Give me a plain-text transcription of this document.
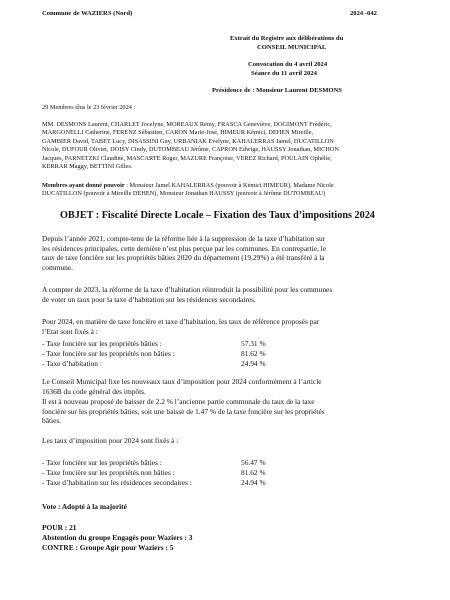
Commune de WAZIERS (Nord)	2024 -042
Extrait du Registre aux délibérations du
CONSEIL MUNICIPAL
Convocation du 4 avril 2024
Séance du 11 avril 2024
Présidence de : Monsieur Laurent DESMONS
29 Membres élus le 23 février 2024 :
MM. DESMONS Laurent, CHARLET Jocelyne, MOREAUX Rémy, FRASCA Geneviève, DOGIMONT Frédéric,
MARGONELLI Catherine, FERENZ Sébastien, CARON Marie-José, HIMEUR Kémici, DEHEN Mireille,
GAMBIER David, TABET Lucy, DISASSINI Guy, URBANIAK Evelyne, KAHALERRAS Jamel, DUCATILLON
Nicole, DUFOUR Olivier, DOISY Cindy, DUTOMBEAU Jérôme, CAPRON Edwige, HAUSSY Jonathan, MICHON
Jacques, PARNETZKI Claudine, MASCARTE Roger, MAZURE Françoise, VEREZ Richard, POULAIN Ophélie,
KERRAR Maggy, BETTINI Gilles.
Membres ayant donné pouvoir : Monsieur Jamel KAHALERRAS (pouvoir à Kémici HIMEUR), Madame Nicole
DUCATILLON (pouvoir à Mireille DEHEN), Monsieur Jonathan HAUSSY (pouvoir à Jérôme DUTOMBEAU)
OBJET : Fiscalité Directe Locale – Fixation des Taux d’impositions 2024
Depuis l’année 2021, compte-tenu de la réforme liée à la suppression de la taxe d’habitation sur
les résidences principales, cette dernière n’est plus perçue par les communes. En contrepartie, le
taux de taxe foncière sur les propriétés bâties 2020 du département (19,29%) a été transféré à la
commune.
A compter de 2023, la réforme de la taxe d’habitation réintroduit la possibilité pour les communes
de voter un taux pour la taxe d’habitation sur les résidences secondaires.
Pour 2024, en matière de taxe foncière et taxe d’habitation, les taux de référence proposés par
l’Etat sont fixés à :
- Taxe foncière sur les propriétés bâties :	57.31 %
- Taxe foncière sur les propriétés non bâties :	81.62 %
- Taxe d’habitation :	24.94 %
Le Conseil Municipal fixe les nouveaux taux d’imposition pour 2024 conformément à l’article
1636B du code général des impôts.
Il est à nouveau proposé de baisser de 2.2 % l’ancienne partie communale du taux de la taxe
foncière sur les propriétés bâties, soit une baisse de 1.47 % de la taxe foncière sur les propriétés
bâties.
Les taux d’imposition pour 2024 sont fixés à :
- Taxe foncière sur les propriétés bâties :	56.47 %
- Taxe foncière sur les propriétés non bâties :	81.62 %
- Taxe d’habitation sur les résidences secondaires :	24.94 %
Vote : Adopté à la majorité
POUR : 21
Abstention du groupe Engagés pour Waziers : 3
CONTRE : Groupe Agir pour Waziers : 5
